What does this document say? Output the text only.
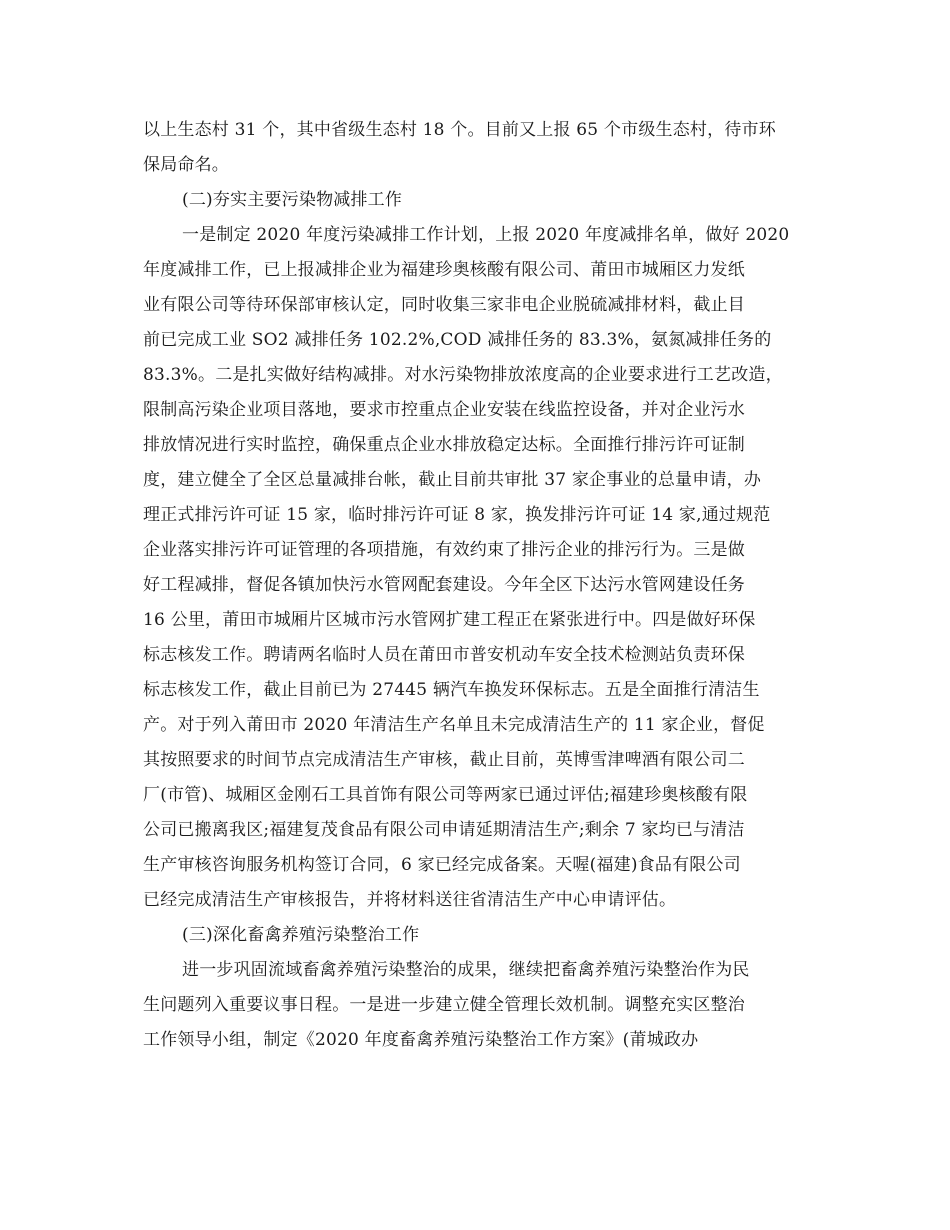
以上生态村 31 个，其中省级生态村 18 个。目前又上报 65 个市级生态村，待市环

保局命名。

(二)夯实主要污染物减排工作

一是制定 2020 年度污染减排工作计划，上报 2020 年度减排名单，做好 2020

年度减排工作，已上报减排企业为福建珍奥核酸有限公司、莆田市城厢区力发纸

业有限公司等待环保部审核认定，同时收集三家非电企业脱硫减排材料，截止目

前已完成工业 SO2 减排任务 102.2%,COD 减排任务的 83.3%，氨氮减排任务的

83.3%。二是扎实做好结构减排。对水污染物排放浓度高的企业要求进行工艺改造，

限制高污染企业项目落地，要求市控重点企业安装在线监控设备，并对企业污水

排放情况进行实时监控，确保重点企业水排放稳定达标。全面推行排污许可证制

度，建立健全了全区总量减排台帐，截止目前共审批 37 家企事业的总量申请，办

理正式排污许可证 15 家，临时排污许可证 8 家，换发排污许可证 14 家,通过规范

企业落实排污许可证管理的各项措施，有效约束了排污企业的排污行为。三是做

好工程减排，督促各镇加快污水管网配套建设。今年全区下达污水管网建设任务

16 公里，莆田市城厢片区城市污水管网扩建工程正在紧张进行中。四是做好环保

标志核发工作。聘请两名临时人员在莆田市普安机动车安全技术检测站负责环保

标志核发工作，截止目前已为 27445 辆汽车换发环保标志。五是全面推行清洁生

产。对于列入莆田市 2020 年清洁生产名单且未完成清洁生产的 11 家企业，督促

其按照要求的时间节点完成清洁生产审核，截止目前，英博雪津啤酒有限公司二

厂(市管)、城厢区金刚石工具首饰有限公司等两家已通过评估;福建珍奥核酸有限

公司已搬离我区;福建复茂食品有限公司申请延期清洁生产;剩余 7 家均已与清洁

生产审核咨询服务机构签订合同，6 家已经完成备案。天喔(福建)食品有限公司

已经完成清洁生产审核报告，并将材料送往省清洁生产中心申请评估。

(三)深化畜禽养殖污染整治工作

进一步巩固流域畜禽养殖污染整治的成果，继续把畜禽养殖污染整治作为民

生问题列入重要议事日程。一是进一步建立健全管理长效机制。调整充实区整治

工作领导小组，制定《2020 年度畜禽养殖污染整治工作方案》(莆城政办
